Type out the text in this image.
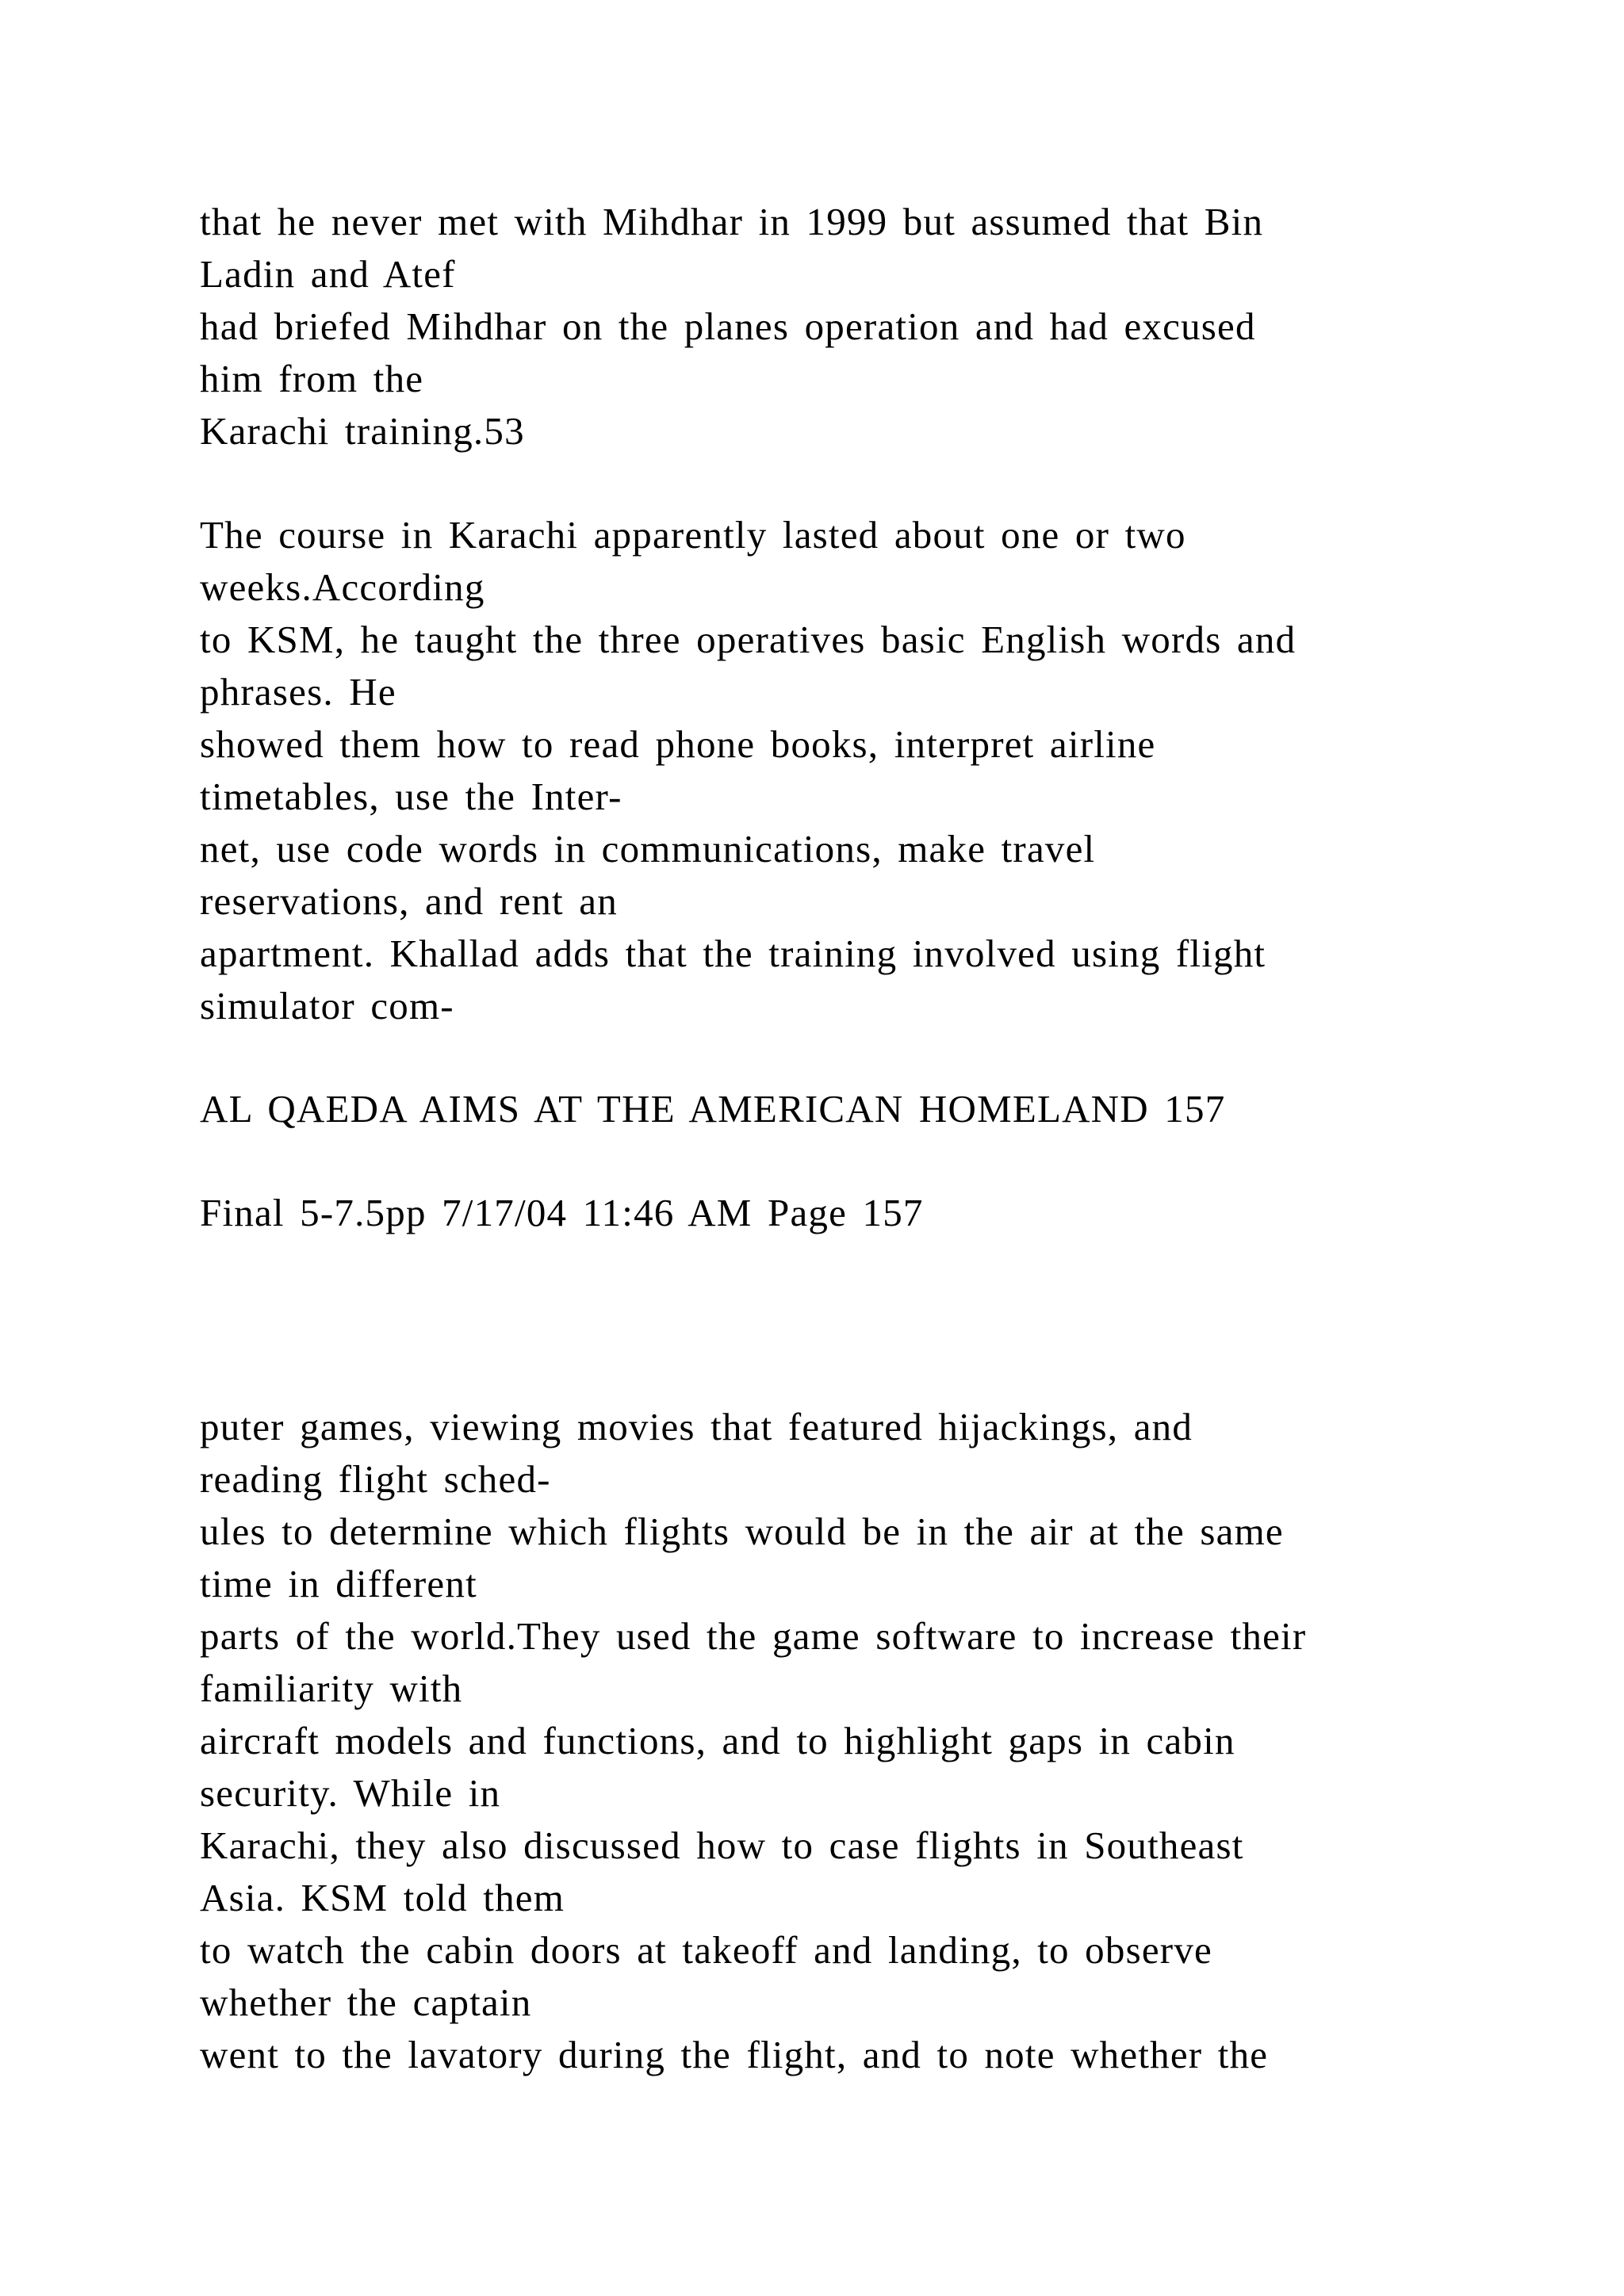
that he never met with Mihdhar in 1999 but assumed that Bin
Ladin and Atef
had briefed Mihdhar on the planes operation and had excused
him from the
Karachi training.53
The course in Karachi apparently lasted about one or two
weeks.According
to KSM, he taught the three operatives basic English words and
phrases. He
showed them how to read phone books, interpret airline
timetables, use the Inter-
net, use code words in communications, make travel
reservations, and rent an
apartment. Khallad adds that the training involved using flight
simulator com-
AL QAEDA AIMS AT THE AMERICAN HOMELAND 157
Final 5-7.5pp 7/17/04 11:46 AM Page 157
puter games, viewing movies that featured hijackings, and
reading flight sched-
ules to determine which flights would be in the air at the same
time in different
parts of the world.They used the game software to increase their
familiarity with
aircraft models and functions, and to highlight gaps in cabin
security. While in
Karachi, they also discussed how to case flights in Southeast
Asia. KSM told them
to watch the cabin doors at takeoff and landing, to observe
whether the captain
went to the lavatory during the flight, and to note whether the
